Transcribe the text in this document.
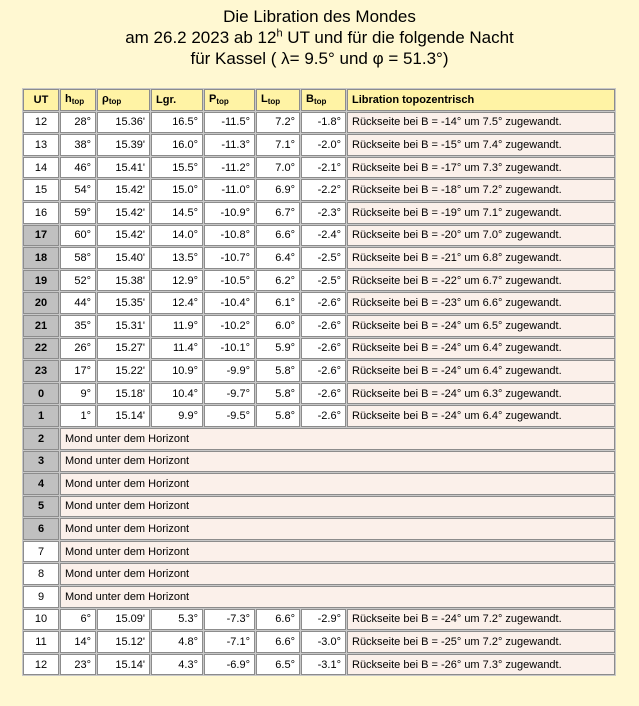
Die Libration des Mondes
am 26.2 2023 ab 12$^h$ UT und für die folgende Nacht
für Kassel ( λ= 9.5° und φ = 51.3°)
UT	$h_{top}$	$\rho_{top}$	Lgr.	$P_{top}$	$L_{top}$	$B_{top}$	Libration topozentrisch
12	28°	15.36'	16.5°	-11.5°	7.2°	-1.8°	Rückseite bei B = -14° um 7.5° zugewandt.
13	38°	15.39'	16.0°	-11.3°	7.1°	-2.0°	Rückseite bei B = -15° um 7.4° zugewandt.
14	46°	15.41'	15.5°	-11.2°	7.0°	-2.1°	Rückseite bei B = -17° um 7.3° zugewandt.
15	54°	15.42'	15.0°	-11.0°	6.9°	-2.2°	Rückseite bei B = -18° um 7.2° zugewandt.
16	59°	15.42'	14.5°	-10.9°	6.7°	-2.3°	Rückseite bei B = -19° um 7.1° zugewandt.
17	60°	15.42'	14.0°	-10.8°	6.6°	-2.4°	Rückseite bei B = -20° um 7.0° zugewandt.
18	58°	15.40'	13.5°	-10.7°	6.4°	-2.5°	Rückseite bei B = -21° um 6.8° zugewandt.
19	52°	15.38'	12.9°	-10.5°	6.2°	-2.5°	Rückseite bei B = -22° um 6.7° zugewandt.
20	44°	15.35'	12.4°	-10.4°	6.1°	-2.6°	Rückseite bei B = -23° um 6.6° zugewandt.
21	35°	15.31'	11.9°	-10.2°	6.0°	-2.6°	Rückseite bei B = -24° um 6.5° zugewandt.
22	26°	15.27'	11.4°	-10.1°	5.9°	-2.6°	Rückseite bei B = -24° um 6.4° zugewandt.
23	17°	15.22'	10.9°	-9.9°	5.8°	-2.6°	Rückseite bei B = -24° um 6.4° zugewandt.
0	9°	15.18'	10.4°	-9.7°	5.8°	-2.6°	Rückseite bei B = -24° um 6.3° zugewandt.
1	1°	15.14'	9.9°	-9.5°	5.8°	-2.6°	Rückseite bei B = -24° um 6.4° zugewandt.
2	Mond unter dem Horizont						
3	Mond unter dem Horizont						
4	Mond unter dem Horizont						
5	Mond unter dem Horizont						
6	Mond unter dem Horizont						
7	Mond unter dem Horizont						
8	Mond unter dem Horizont						
9	Mond unter dem Horizont						
10	6°	15.09'	5.3°	-7.3°	6.6°	-2.9°	Rückseite bei B = -24° um 7.2° zugewandt.
11	14°	15.12'	4.8°	-7.1°	6.6°	-3.0°	Rückseite bei B = -25° um 7.2° zugewandt.
12	23°	15.14'	4.3°	-6.9°	6.5°	-3.1°	Rückseite bei B = -26° um 7.3° zugewandt.
